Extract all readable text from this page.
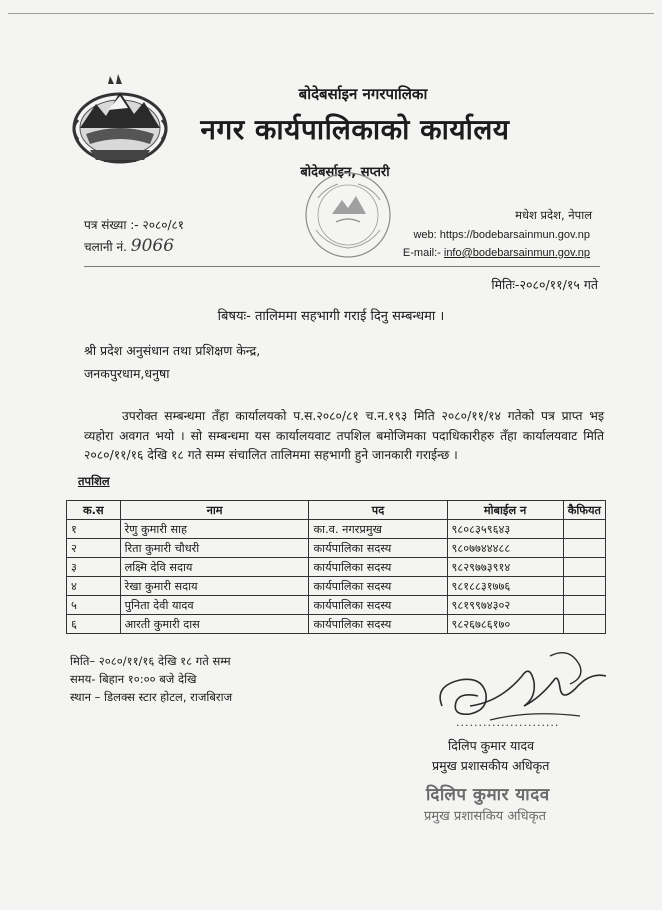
बोदेबर्साइन नगरपालिका
नगर कार्यपालिकाको कार्यालय
बोदेबर्साइन, सप्तरी
मधेश प्रदेश, नेपाल
web: https://bodebarsainmun.gov.np
E-mail:- info@bodebarsainmun.gov.np
पत्र संख्या :- २०८०/८१
चलानी नं. 9066
मितिः-२०८०/११/१५ गते
बिषयः- तालिममा सहभागी गराई दिनु सम्बन्धमा ।
श्री प्रदेश अनुसंधान तथा प्रशिक्षण केन्द्र,
जनकपुरधाम,धनुषा
उपरोक्त सम्बन्धमा तँहा कार्यालयको प.स.२०८०/८१ च.न.१९३ मिति २०८०/११/१४ गतेको पत्र प्राप्त भइ व्यहोरा अवगत भयो । सो सम्बन्धमा यस कार्यालयवाट तपशिल बमोजिमका पदाधिकारीहरु तँहा कार्यालयवाट मिति २०८०/११/१६ देखि १८ गते सम्म संचालित तालिममा सहभागी हुने जानकारी गराईन्छ ।
तपशिल
क.स	नाम	पद	मोबाईल न	कैफियत
१	रेणु कुमारी साह	का.व. नगरप्रमुख	९८०८३५९६४३	
२	रिता कुमारी चौधरी	कार्यपालिका सदस्य	९८०७७४४४८८	
३	लक्ष्मि देवि सदाय	कार्यपालिका सदस्य	९८२९७७३९१४	
४	रेखा कुमारी सदाय	कार्यपालिका सदस्य	९८१८८३१७७६	
५	पुनिता देवी यादव	कार्यपालिका सदस्य	९८१९९७४३०२	
६	आरती कुमारी दास	कार्यपालिका सदस्य	९८२६७८६१७०	
मिति– २०८०/११/१६ देखि १८ गते सम्म
समय- बिहान १०:०० बजे देखि
स्थान – डिलक्स स्टार होटल, राजबिराज
.......................
दिलिप कुमार यादव
प्रमुख प्रशासकीय अधिकृत
दिलिप कुमार यादव
प्रमुख प्रशासकिय अधिकृत
